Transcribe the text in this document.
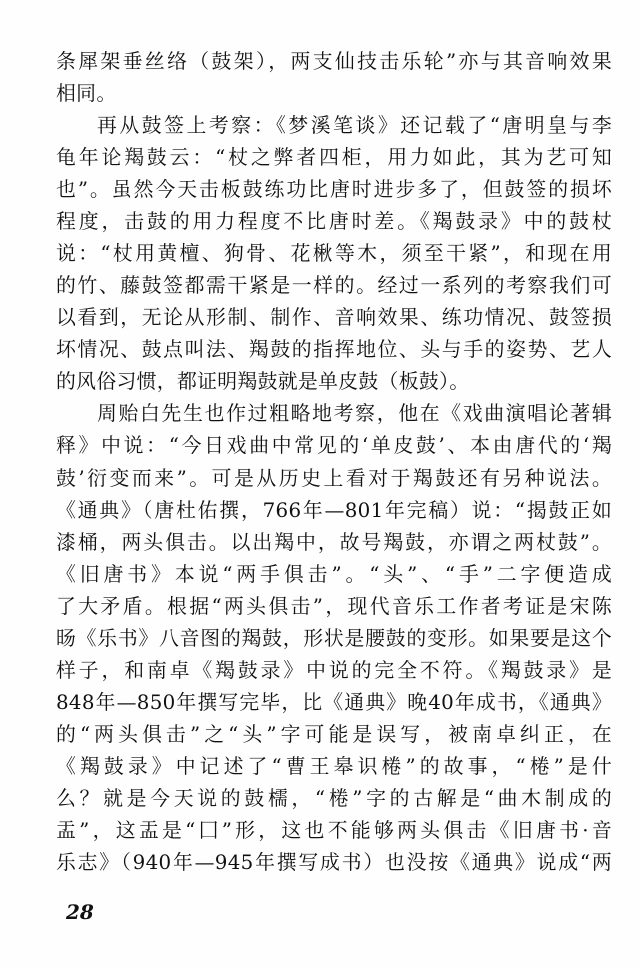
条犀架垂丝络（鼓架），两支仙技击乐轮”亦与其音响效果
相同。
再从鼓签上考察：《梦溪笔谈》还记载了“唐明皇与李
龟年论羯鼓云：“杖之弊者四柜，用力如此，其为艺可知
也”。虽然今天击板鼓练功比唐时进步多了，但鼓签的损坏
程度，击鼓的用力程度不比唐时差。《羯鼓录》中的鼓杖
说：“杖用黄檀、狗骨、花楸等木，须至干紧”，和现在用
的竹、藤鼓签都需干紧是一样的。经过一系列的考察我们可
以看到，无论从形制、制作、音响效果、练功情况、鼓签损
坏情况、鼓点叫法、羯鼓的指挥地位、头与手的姿势、艺人
的风俗习惯，都证明羯鼓就是单皮鼓（板鼓）。
周贻白先生也作过粗略地考察，他在《戏曲演唱论著辑
释》中说：“今日戏曲中常见的‘单皮鼓’、本由唐代的‘羯
鼓’衍变而来”。可是从历史上看对于羯鼓还有另种说法。
《通典》（唐杜佑撰，766年—801年完稿）说：“揭鼓正如
漆桶，两头俱击。以出羯中，故号羯鼓，亦谓之两杖鼓”。
《旧唐书》本说“两手俱击”。“头”、“手”二字便造成
了大矛盾。根据“两头俱击”，现代音乐工作者考证是宋陈
旸《乐书》八音图的羯鼓，形状是腰鼓的变形。如果要是这个
样子，和南卓《羯鼓录》中说的完全不符。《羯鼓录》是
848年—850年撰写完毕，比《通典》晚40年成书，《通典》
的“两头俱击”之“头”字可能是误写，被南卓纠正，在
《羯鼓录》中记述了“曹王皋识棬”的故事，“棬”是什
么？就是今天说的鼓檽，“棬”字的古解是“曲木制成的
盂”，这盂是“囗”形，这也不能够两头俱击《旧唐书·音
乐志》（940年—945年撰写成书）也没按《通典》说成“两
28
